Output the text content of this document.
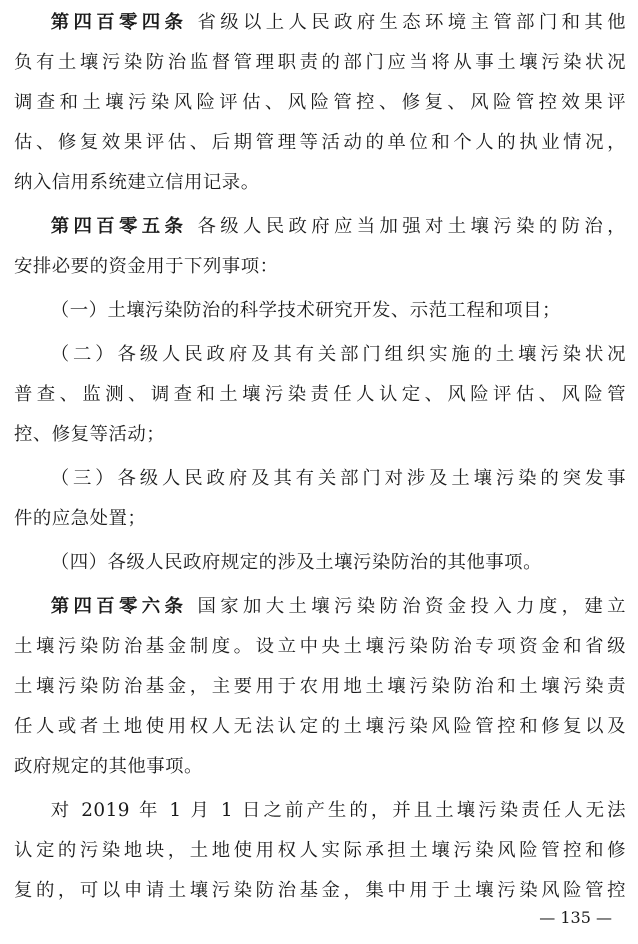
第四百零四条 省级以上人民政府生态环境主管部门和其他
负有土壤污染防治监督管理职责的部门应当将从事土壤污染状况
调查和土壤污染风险评估、风险管控、修复、风险管控效果评
估、修复效果评估、后期管理等活动的单位和个人的执业情况，
纳入信用系统建立信用记录。
第四百零五条 各级人民政府应当加强对土壤污染的防治，
安排必要的资金用于下列事项：
（一）土壤污染防治的科学技术研究开发、示范工程和项目；
（二）各级人民政府及其有关部门组织实施的土壤污染状况
普查、监测、调查和土壤污染责任人认定、风险评估、风险管
控、修复等活动；
（三）各级人民政府及其有关部门对涉及土壤污染的突发事
件的应急处置；
（四）各级人民政府规定的涉及土壤污染防治的其他事项。
第四百零六条 国家加大土壤污染防治资金投入力度，建立
土壤污染防治基金制度。设立中央土壤污染防治专项资金和省级
土壤污染防治基金，主要用于农用地土壤污染防治和土壤污染责
任人或者土地使用权人无法认定的土壤污染风险管控和修复以及
政府规定的其他事项。
对 2019 年 1 月 1 日之前产生的，并且土壤污染责任人无法
认定的污染地块，土地使用权人实际承担土壤污染风险管控和修
复的，可以申请土壤污染防治基金，集中用于土壤污染风险管控
— 135 —
